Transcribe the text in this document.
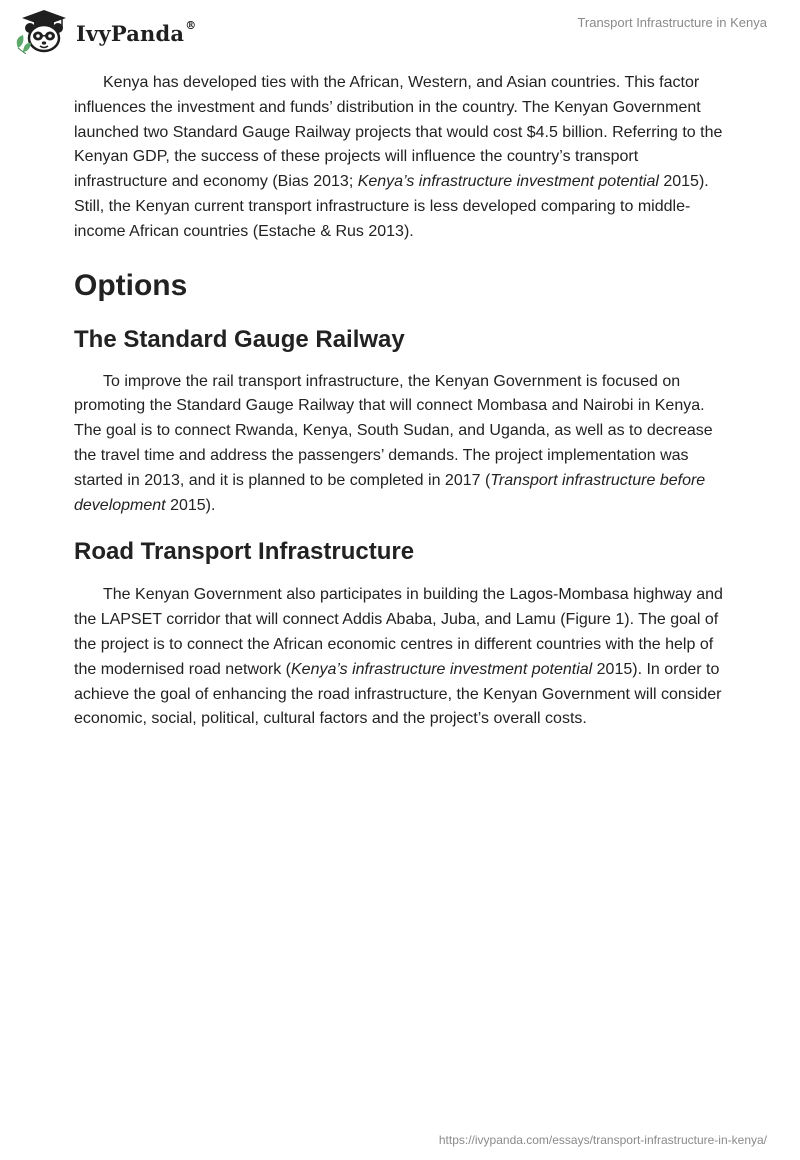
IvyPanda®	Transport Infrastructure in Kenya

Kenya has developed ties with the African, Western, and Asian countries. This factor influences the investment and funds’ distribution in the country. The Kenyan Government launched two Standard Gauge Railway projects that would cost $4.5 billion. Referring to the Kenyan GDP, the success of these projects will influence the country’s transport infrastructure and economy (Bias 2013; Kenya’s infrastructure investment potential 2015). Still, the Kenyan current transport infrastructure is less developed comparing to middle-income African countries (Estache & Rus 2013).

Options
The Standard Gauge Railway

To improve the rail transport infrastructure, the Kenyan Government is focused on promoting the Standard Gauge Railway that will connect Mombasa and Nairobi in Kenya. The goal is to connect Rwanda, Kenya, South Sudan, and Uganda, as well as to decrease the travel time and address the passengers’ demands. The project implementation was started in 2013, and it is planned to be completed in 2017 (Transport infrastructure before development 2015).

Road Transport Infrastructure

The Kenyan Government also participates in building the Lagos-Mombasa highway and the LAPSET corridor that will connect Addis Ababa, Juba, and Lamu (Figure 1). The goal of the project is to connect the African economic centres in different countries with the help of the modernised road network (Kenya’s infrastructure investment potential 2015). In order to achieve the goal of enhancing the road infrastructure, the Kenyan Government will consider economic, social, political, cultural factors and the project’s overall costs.

https://ivypanda.com/essays/transport-infrastructure-in-kenya/
